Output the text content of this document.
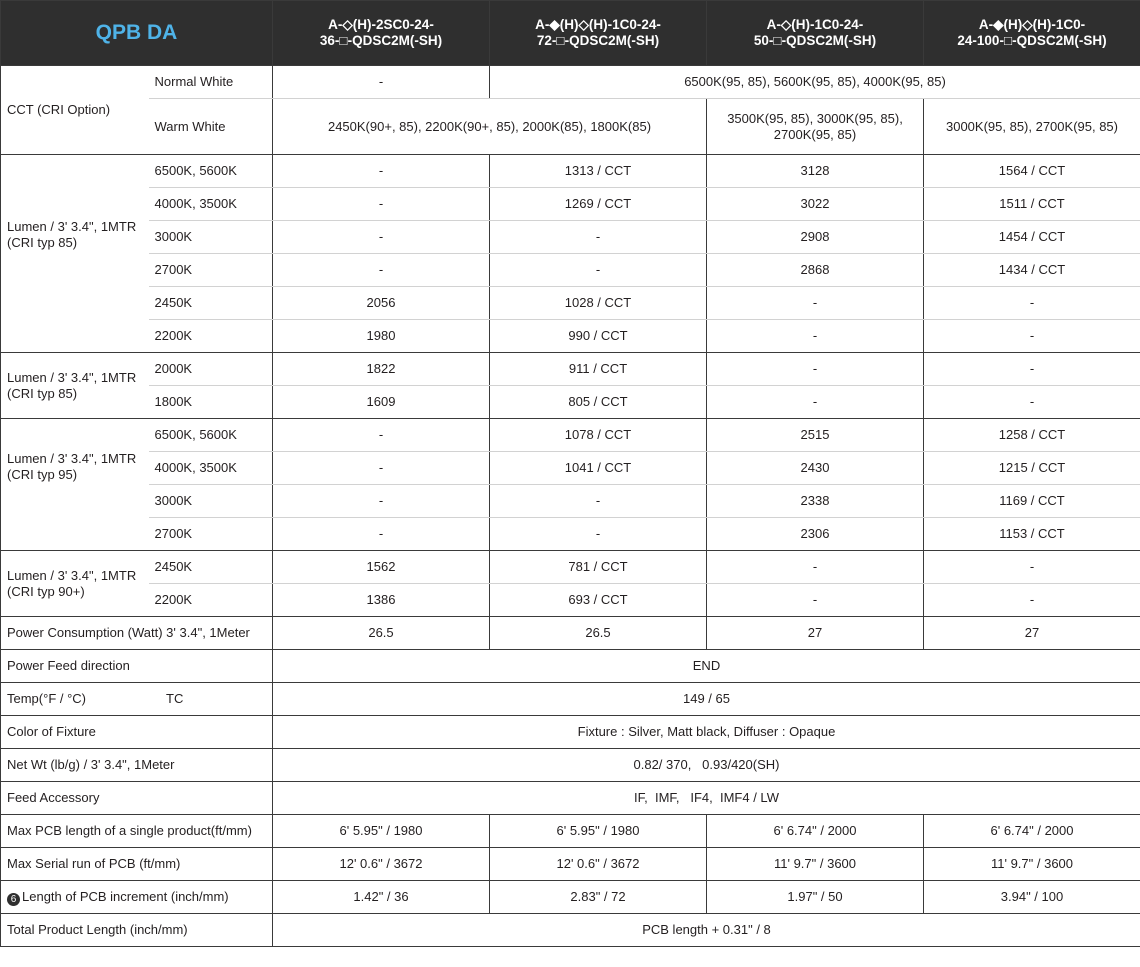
QPB DA		A-◇(H)-2SC0-24-
36-□-QDSC2M(-SH)	A-◆(H)◇(H)-1C0-24-
72-□-QDSC2M(-SH)	A-◇(H)-1C0-24-
50-□-QDSC2M(-SH)	A-◆(H)◇(H)-1C0-
24-100-□-QDSC2M(-SH)
CCT (CRI Option)	Normal White	-	6500K(95, 85), 5600K(95, 85), 4000K(95, 85)		
	Warm White	2450K(90+, 85), 2200K(90+, 85), 2000K(85), 1800K(85)		3500K(95, 85), 3000K(95, 85),
2700K(95, 85)	3000K(95, 85), 2700K(95, 85)
Lumen / 3' 3.4", 1MTR
(CRI typ 85)	6500K, 5600K	-	1313 / CCT	3128	1564 / CCT
	4000K, 3500K	-	1269 / CCT	3022	1511 / CCT
	3000K	-	-	2908	1454 / CCT
	2700K	-	-	2868	1434 / CCT
	2450K	2056	1028 / CCT	-	-
	2200K	1980	990 / CCT	-	-
Lumen / 3' 3.4", 1MTR
(CRI typ 85)	2000K	1822	911 / CCT	-	-
	1800K	1609	805 / CCT	-	-
Lumen / 3' 3.4", 1MTR
(CRI typ 95)	6500K, 5600K	-	1078 / CCT	2515	1258 / CCT
	4000K, 3500K	-	1041 / CCT	2430	1215 / CCT
	3000K	-	-	2338	1169 / CCT
	2700K	-	-	2306	1153 / CCT
Lumen / 3' 3.4", 1MTR
(CRI typ 90+)	2450K	1562	781 / CCT	-	-
	2200K	1386	693 / CCT	-	-
Power Consumption (Watt) 3' 3.4", 1Meter		26.5	26.5	27	27
Power Feed direction		END			
Temp(°F / °C) TC		149 / 65			
Color of Fixture		Fixture : Silver, Matt black, Diffuser : Opaque			
Net Wt (lb/g) / 3' 3.4", 1Meter		0.82/ 370,   0.93/420(SH)			
Feed Accessory		IF,  IMF,   IF4,  IMF4 / LW			
Max PCB length of a single product(ft/mm)		6' 5.95" / 1980	6' 5.95" / 1980	6' 6.74" / 2000	6' 6.74" / 2000
Max Serial run of PCB (ft/mm)		12' 0.6" / 3672	12' 0.6" / 3672	11' 9.7" / 3600	11' 9.7" / 3600
6 Length of PCB increment (inch/mm)		1.42" / 36	2.83" / 72	1.97" / 50	3.94" / 100
Total Product Length (inch/mm)		PCB length + 0.31" / 8			
